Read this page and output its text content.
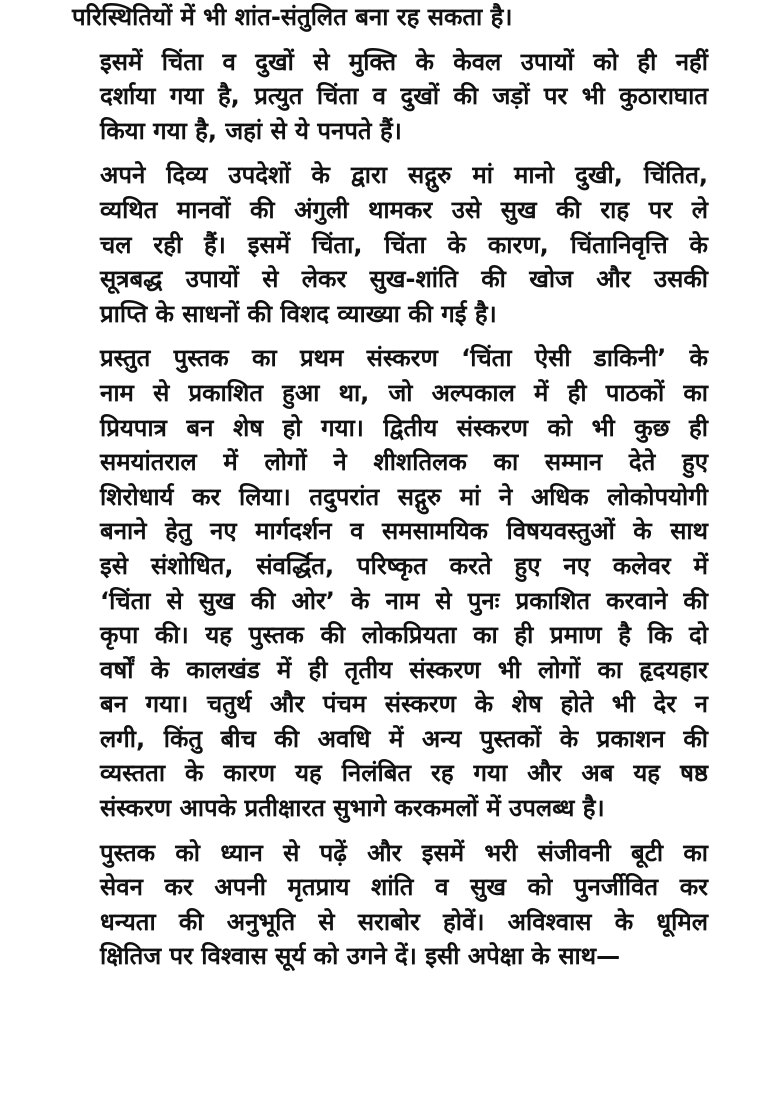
परिस्थितियों में भी शांत-संतुलित बना रह सकता है।

इसमें चिंता व दुखों से मुक्ति के केवल उपायों को ही नहीं
दर्शाया गया है, प्रत्युत चिंता व दुखों की जड़ों पर भी कुठाराघात
किया गया है, जहां से ये पनपते हैं।

अपने दिव्य उपदेशों के द्वारा सद्गुरु मां मानो दुखी, चिंतित,
व्यथित मानवों की अंगुली थामकर उसे सुख की राह पर ले
चल रही हैं। इसमें चिंता, चिंता के कारण, चिंतानिवृत्ति के
सूत्रबद्ध उपायों से लेकर सुख-शांति की खोज और उसकी
प्राप्ति के साधनों की विशद व्याख्या की गई है।

प्रस्तुत पुस्तक का प्रथम संस्करण ‘चिंता ऐसी डाकिनी’ के
नाम से प्रकाशित हुआ था, जो अल्पकाल में ही पाठकों का
प्रियपात्र बन शेष हो गया। द्वितीय संस्करण को भी कुछ ही
समयांतराल में लोगों ने शीशतिलक का सम्मान देते हुए
शिरोधार्य कर लिया। तदुपरांत सद्गुरु मां ने अधिक लोकोपयोगी
बनाने हेतु नए मार्गदर्शन व समसामयिक विषयवस्तुओं के साथ
इसे संशोधित, संवर्द्धित, परिष्कृत करते हुए नए कलेवर में
‘चिंता से सुख की ओर’ के नाम से पुनः प्रकाशित करवाने की
कृपा की। यह पुस्तक की लोकप्रियता का ही प्रमाण है कि दो
वर्षों के कालखंड में ही तृतीय संस्करण भी लोगों का हृदयहार
बन गया। चतुर्थ और पंचम संस्करण के शेष होते भी देर न
लगी, किंतु बीच की अवधि में अन्य पुस्तकों के प्रकाशन की
व्यस्तता के कारण यह निलंबित रह गया और अब यह षष्ठ
संस्करण आपके प्रतीक्षारत सुभागे करकमलों में उपलब्ध है।

पुस्तक को ध्यान से पढ़ें और इसमें भरी संजीवनी बूटी का
सेवन कर अपनी मृतप्राय शांति व सुख को पुनर्जीवित कर
धन्यता की अनुभूति से सराबोर होवें। अविश्वास के धूमिल
क्षितिज पर विश्वास सूर्य को उगने दें। इसी अपेक्षा के साथ—
